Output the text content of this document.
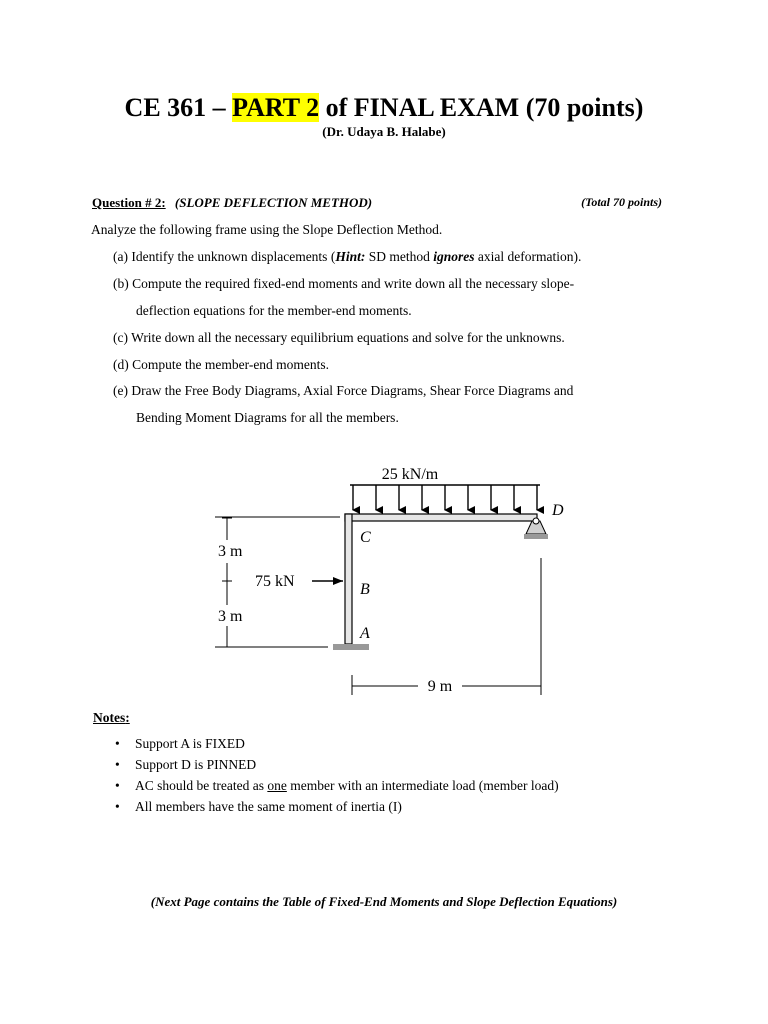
CE 361 – PART 2 of FINAL EXAM (70 points)
(Dr. Udaya B. Halabe)
Question # 2: (SLOPE DEFLECTION METHOD)	(Total 70 points)
Analyze the following frame using the Slope Deflection Method.
(a) Identify the unknown displacements (Hint: SD method ignores axial deformation).
(b) Compute the required fixed-end moments and write down all the necessary slope-
deflection equations for the member-end moments.
(c) Write down all the necessary equilibrium equations and solve for the unknowns.
(d) Compute the member-end moments.
(e) Draw the Free Body Diagrams, Axial Force Diagrams, Shear Force Diagrams and
Bending Moment Diagrams for all the members.
25 kN/m
C
B
A
D
75 kN
3 m
3 m
9 m
Notes:
• Support A is FIXED
• Support D is PINNED
• AC should be treated as one member with an intermediate load (member load)
• All members have the same moment of inertia (I)
(Next Page contains the Table of Fixed-End Moments and Slope Deflection Equations)
